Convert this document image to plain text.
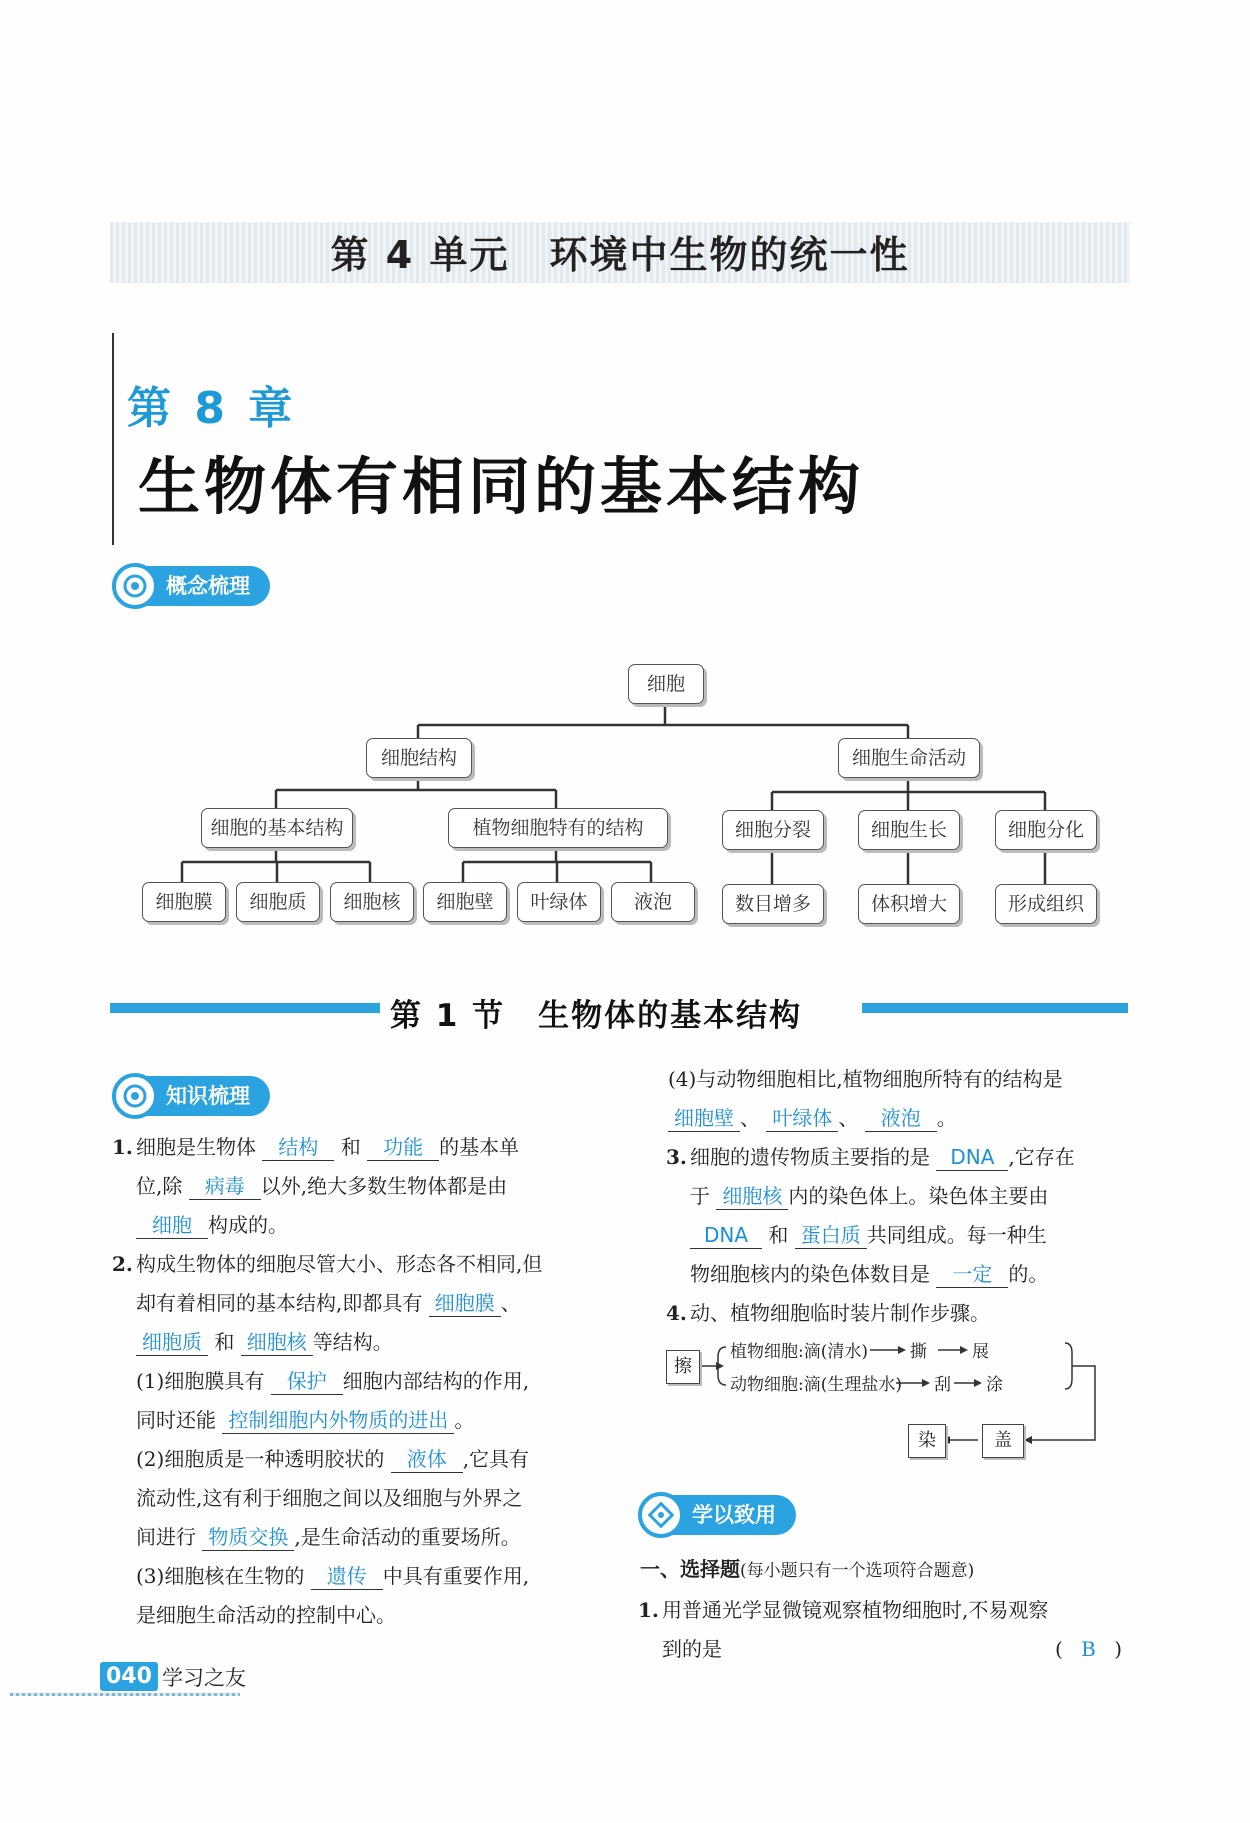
第 4 单元　环境中生物的统一性
第 8 章
生物体有相同的基本结构
概念梳理
细胞
细胞结构	细胞生命活动
细胞的基本结构	植物细胞特有的结构
细胞膜	细胞质	细胞核	细胞壁	叶绿体	液泡
细胞分裂	细胞生长	细胞分化
数目增多	体积增大	形成组织
第 1 节　生物体的基本结构
知识梳理

1. 细胞是生物体 结构 和 功能 的基本单
位,除 病毒 以外,绝大多数生物体都是由
细胞 构成的。

2. 构成生物体的细胞尽管大小、形态各不相同,但
却有着相同的基本结构,即都具有 细胞膜 、
细胞质 和 细胞核 等结构。

(1)细胞膜具有 保护 细胞内部结构的作用,
同时还能 控制细胞内外物质的进出 。

(2)细胞质是一种透明胶状的 液体 ,它具有
流动性,这有利于细胞之间以及细胞与外界之
间进行 物质交换 ,是生命活动的重要场所。

(3)细胞核在生物的 遗传 中具有重要作用,
是细胞生命活动的控制中心。

(4)与动物细胞相比,植物细胞所特有的结构是
细胞壁 、 叶绿体 、 液泡 。

3. 细胞的遗传物质主要指的是 DNA ,它存在
于 细胞核 内的染色体上。染色体主要由
DNA 和 蛋白质 共同组成。每一种生
物细胞核内的染色体数目是 一定 的。

4. 动、植物细胞临时装片制作步骤。

擦
植物细胞:滴(清水) 撕	展
动物细胞:滴(生理盐水) 刮 涂
盖
染
学以致用

一、选择题(每小题只有一个选项符合题意)

1. 用普通光学显微镜观察植物细胞时,不易观察
到的是	( B )

040 学习之友
